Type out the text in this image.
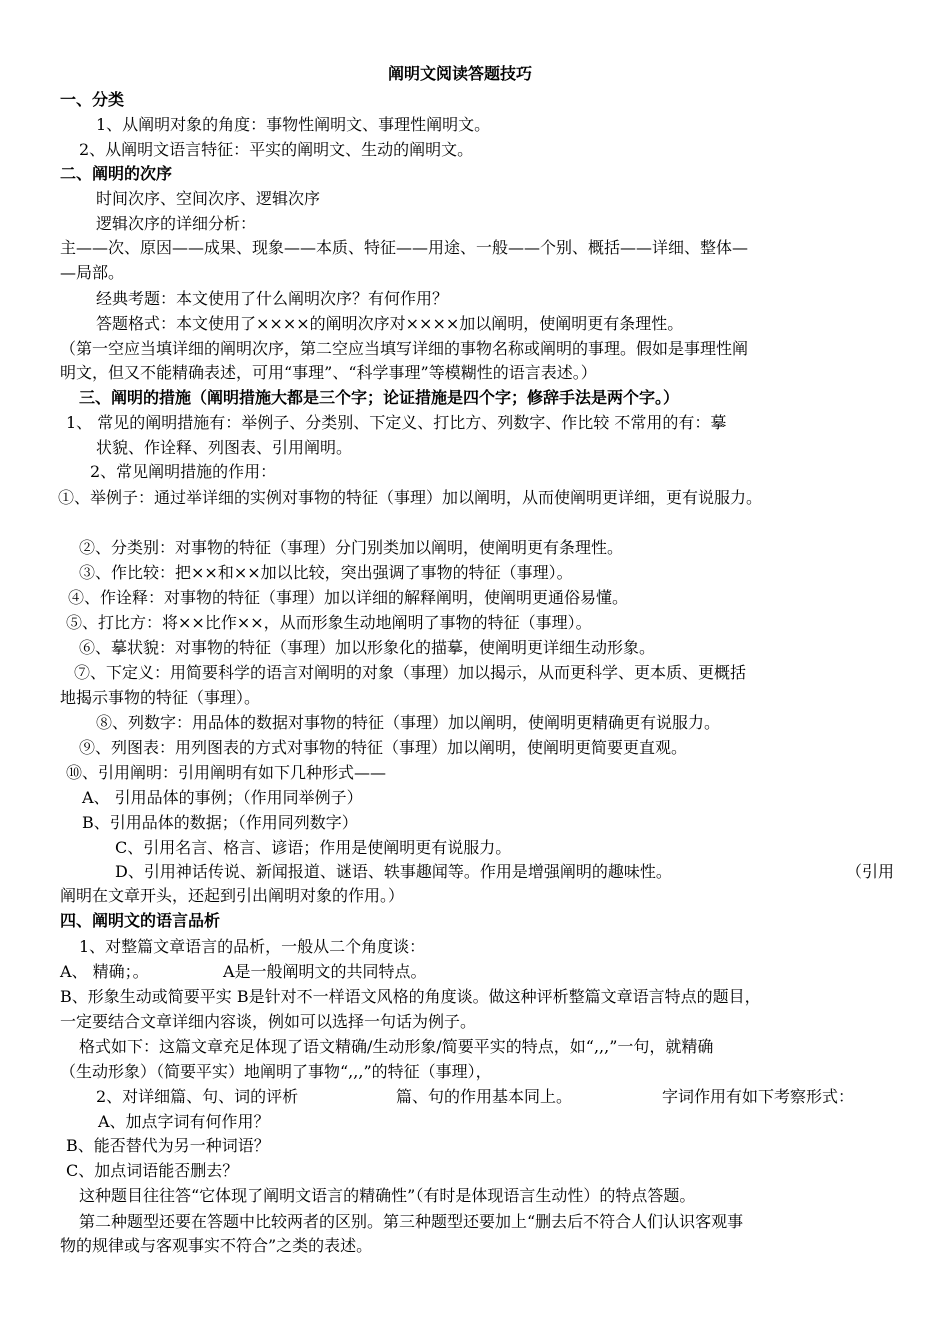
阐明文阅读答题技巧
一、分类
1、从阐明对象的角度：事物性阐明文、事理性阐明文。
2、从阐明文语言特征：平实的阐明文、生动的阐明文。
二、阐明的次序
时间次序、空间次序、逻辑次序
逻辑次序的详细分析：
主——次、原因——成果、现象——本质、特征——用途、一般——个别、概括——详细、整体—
—局部。
经典考题：本文使用了什么阐明次序？有何作用？
答题格式：本文使用了××××的阐明次序对××××加以阐明，使阐明更有条理性。
（第一空应当填详细的阐明次序，第二空应当填写详细的事物名称或阐明的事理。假如是事理性阐
明文，但又不能精确表述，可用“事理”、“科学事理”等模糊性的语言表述。）
三、阐明的措施（阐明措施大都是三个字；论证措施是四个字；修辞手法是两个字。）
1、 常见的阐明措施有：举例子、分类别、下定义、打比方、列数字、作比较 不常用的有：摹
状貌、作诠释、列图表、引用阐明。
2、常见阐明措施的作用：
①、举例子：通过举详细的实例对事物的特征（事理）加以阐明，从而使阐明更详细，更有说服力。
②、分类别：对事物的特征（事理）分门别类加以阐明，使阐明更有条理性。
③、作比较：把××和××加以比较，突出强调了事物的特征（事理）。
④、作诠释：对事物的特征（事理）加以详细的解释阐明，使阐明更通俗易懂。
⑤、打比方：将××比作××，从而形象生动地阐明了事物的特征（事理）。
⑥、摹状貌：对事物的特征（事理）加以形象化的描摹，使阐明更详细生动形象。
⑦、下定义：用简要科学的语言对阐明的对象（事理）加以揭示，从而更科学、更本质、更概括
地揭示事物的特征（事理）。
⑧、列数字：用品体的数据对事物的特征（事理）加以阐明，使阐明更精确更有说服力。
⑨、列图表：用列图表的方式对事物的特征（事理）加以阐明，使阐明更简要更直观。
⑩、引用阐明：引用阐明有如下几种形式——
A、 引用品体的事例；（作用同举例子）
B、引用品体的数据；（作用同列数字）
C、引用名言、格言、谚语；作用是使阐明更有说服力。
D、引用神话传说、新闻报道、谜语、轶事趣闻等。作用是增强阐明的趣味性。	（引用
阐明在文章开头，还起到引出阐明对象的作用。）
四、阐明文的语言品析
1、对整篇文章语言的品析，一般从二个角度谈：
A、 精确；。	A是一般阐明文的共同特点。
B、形象生动或简要平实 B是针对不一样语文风格的角度谈。做这种评析整篇文章语言特点的题目，
一定要结合文章详细内容谈，例如可以选择一句话为例子。
格式如下：这篇文章充足体现了语文精确/生动形象/简要平实的特点，如“,,,”一句，就精确
（生动形象）（简要平实）地阐明了事物“,,,”的特征（事理），
2、对详细篇、句、词的评析	篇、句的作用基本同上。	字词作用有如下考察形式：
A、加点字词有何作用？
B、能否替代为另一种词语？
C、加点词语能否删去？
这种题目往往答“它体现了阐明文语言的精确性”（有时是体现语言生动性）的特点答题。
第二种题型还要在答题中比较两者的区别。第三种题型还要加上“删去后不符合人们认识客观事
物的规律或与客观事实不符合”之类的表述。
